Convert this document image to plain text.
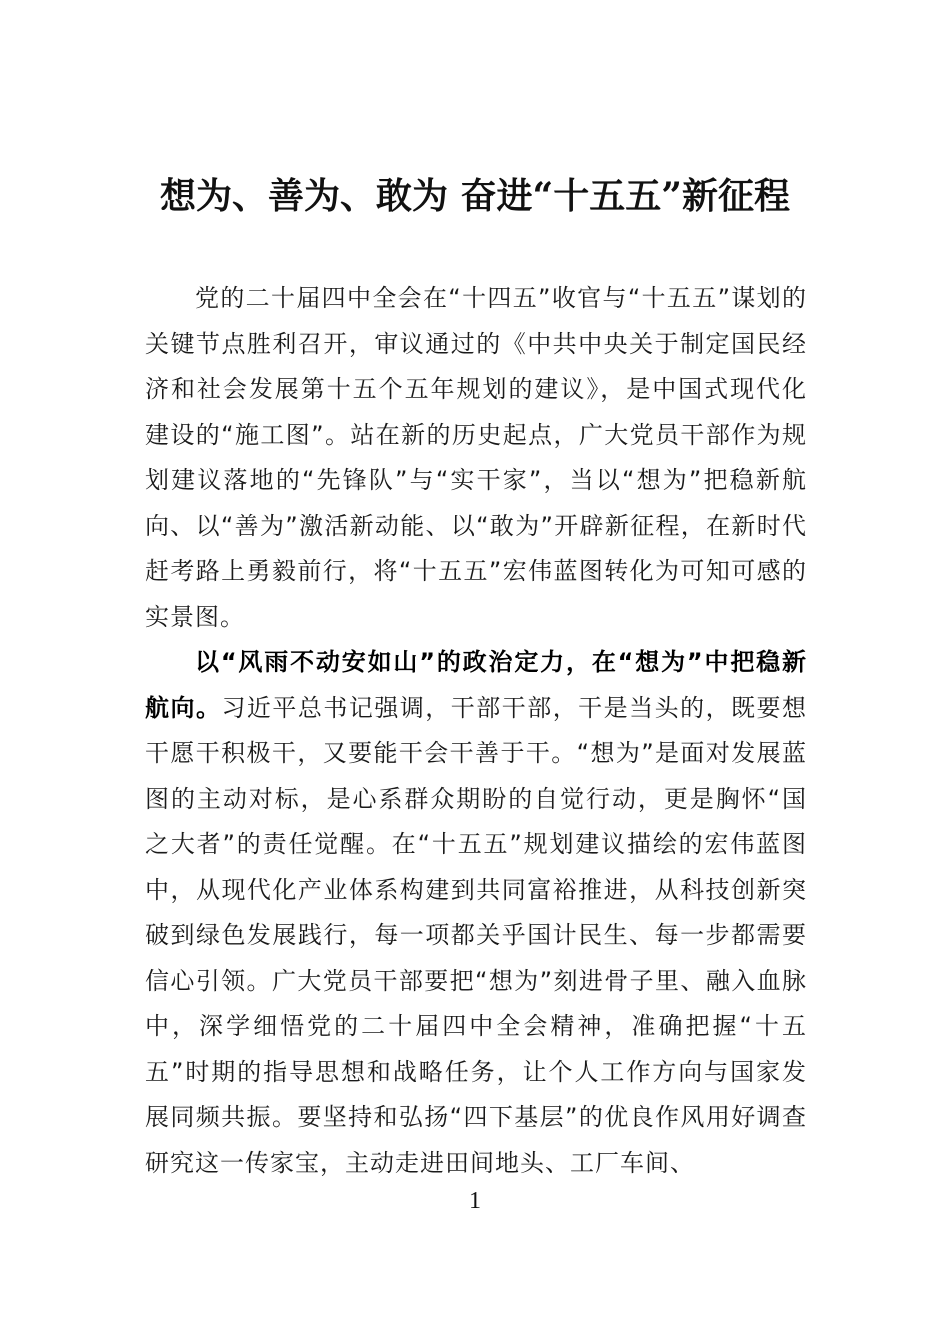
想为、善为、敢为 奋进“十五五”新征程

党的二十届四中全会在“十四五”收官与“十五五”谋划的关键节点胜利召开，审议通过的《中共中央关于制定国民经济和社会发展第十五个五年规划的建议》，是中国式现代化建设的“施工图”。站在新的历史起点，广大党员干部作为规划建议落地的“先锋队”与“实干家”，当以“想为”把稳新航向、以“善为”激活新动能、以“敢为”开辟新征程，在新时代赶考路上勇毅前行，将“十五五”宏伟蓝图转化为可知可感的实景图。

以“风雨不动安如山”的政治定力，在“想为”中把稳新航向。习近平总书记强调，干部干部，干是当头的，既要想干愿干积极干，又要能干会干善于干。“想为”是面对发展蓝图的主动对标，是心系群众期盼的自觉行动，更是胸怀“国之大者”的责任觉醒。在“十五五”规划建议描绘的宏伟蓝图中，从现代化产业体系构建到共同富裕推进，从科技创新突破到绿色发展践行，每一项都关乎国计民生、每一步都需要信心引领。广大党员干部要把“想为”刻进骨子里、融入血脉中，深学细悟党的二十届四中全会精神，准确把握“十五五”时期的指导思想和战略任务，让个人工作方向与国家发展同频共振。要坚持和弘扬“四下基层”的优良作风用好调查研究这一传家宝，主动走进田间地头、工厂车间、

1
